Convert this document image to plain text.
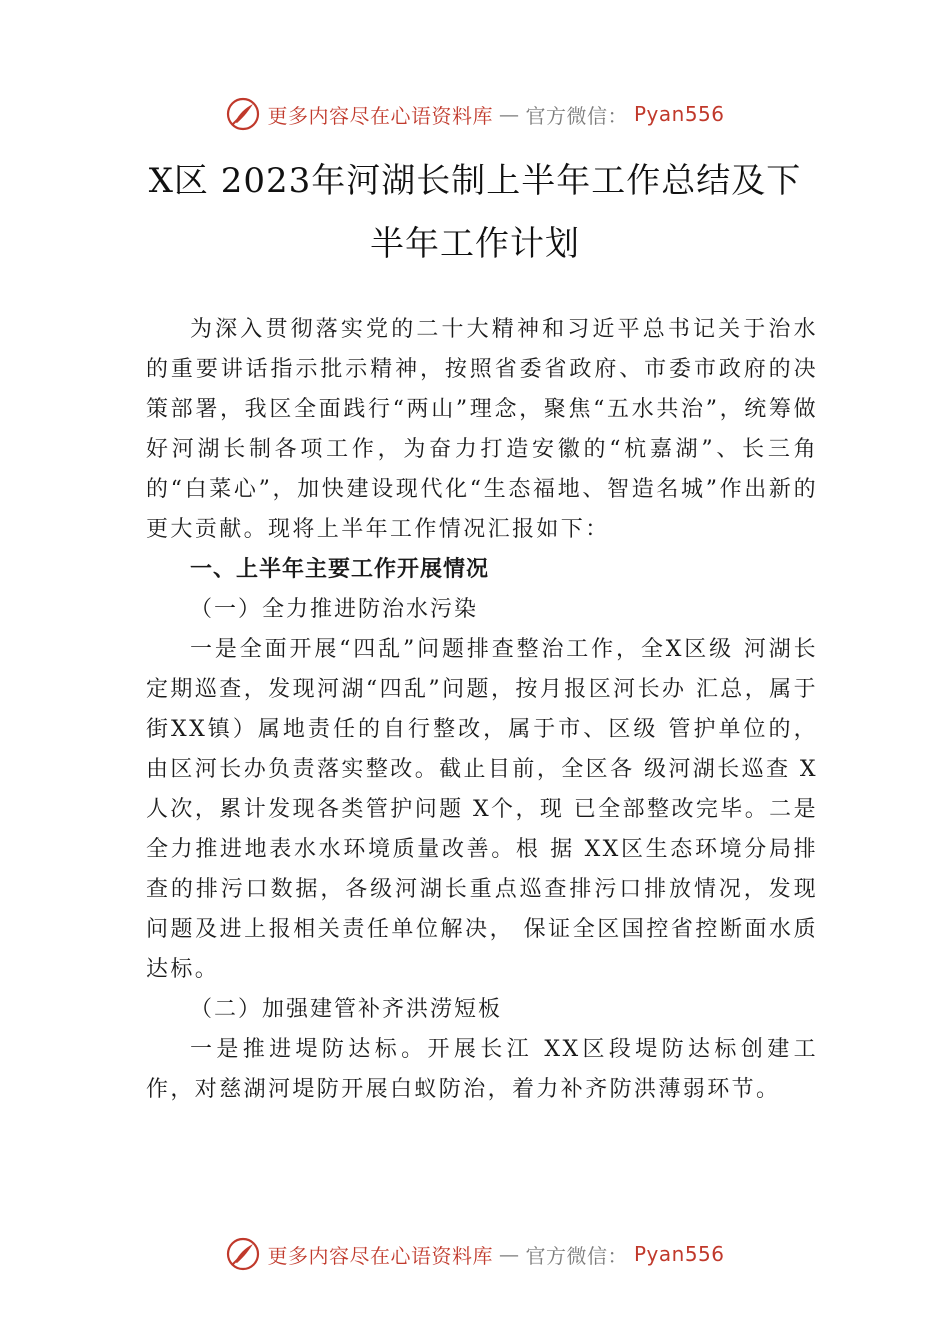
更多内容尽在心语资料库 — 官方微信： Pyan556
X区 2023年河湖长制上半年工作总结及下
半年工作计划

为深入贯彻落实党的二十大精神和习近平总书记关于治水的重要讲话指示批示精神，按照省委省政府、市委市政府的决策部署，我区全面践行“两山”理念，聚焦“五水共治”，统筹做好河湖长制各项工作，为奋力打造安徽的“杭嘉湖”、长三角的“白菜心”，加快建设现代化“生态福地、智造名城”作出新的更大贡献。现将上半年工作情况汇报如下：

一、上半年主要工作开展情况

（一）全力推进防治水污染

一是全面开展“四乱”问题排查整治工作，全X区级 河湖长定期巡查，发现河湖“四乱”问题，按月报区河长办 汇总，属于街XX镇）属地责任的自行整改，属于市、区级 管护单位的，由区河长办负责落实整改。截止目前，全区各 级河湖长巡查 X人次，累计发现各类管护问题 X个，现 已全部整改完毕。二是全力推进地表水水环境质量改善。根 据 XX区生态环境分局排查的排污口数据，各级河湖长重点巡查排污口排放情况，发现问题及进上报相关责任单位解决， 保证全区国控省控断面水质达标。

（二）加强建管补齐洪涝短板

一是推进堤防达标。开展长江 XX区段堤防达标创建工作，对慈湖河堤防开展白蚁防治，着力补齐防洪薄弱环节。

更多内容尽在心语资料库 — 官方微信： Pyan556
